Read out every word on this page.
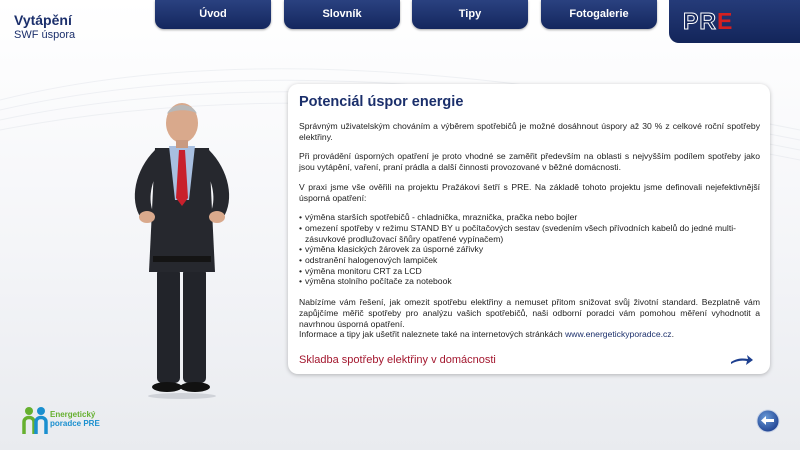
Vytápění
SWF úspora
Úvod	Slovník	Tipy	Fotogalerie	PRE
Potenciál úspor energie

Správným uživatelským chováním a výběrem spotřebičů je možné dosáhnout úspory až 30 % z celkové roční spotřeby elektřiny.

Při provádění úsporných opatření je proto vhodné se zaměřit především na oblasti s nejvyšším podílem spotřeby jako jsou vytápění, vaření, praní prádla a další činnosti provozované v běžné domácnosti.

V praxi jsme vše ověřili na projektu Pražákovi šetří s PRE. Na základě tohoto projektu jsme definovali nejefektivnější úsporná opatření:

• výměna starších spotřebičů - chladnička, mraznička, pračka nebo bojler
• omezení spotřeby v režimu STAND BY u počítačových sestav (svedením všech přívodních kabelů do jedné multi- zásuvkové prodlužovací šňůry opatřené vypínačem)
• výměna klasických žárovek za úsporné zářivky
• odstranění halogenových lampiček
• výměna monitoru CRT za LCD
• výměna stolního počítače za notebook

Nabízíme vám řešení, jak omezit spotřebu elektřiny a nemuset přitom snižovat svůj životní standard. Bezplatně vám zapůjčíme měřič spotřeby pro analýzu vašich spotřebičů, naši odborní poradci vám pomohou měření vyhodnotit a navrhnou úsporná opatření.

Informace a tipy jak ušetřit naleznete také na internetových stránkách www.energetickyporadce.cz.

Skladba spotřeby elektřiny v domácnosti
Energetický
poradce PRE
